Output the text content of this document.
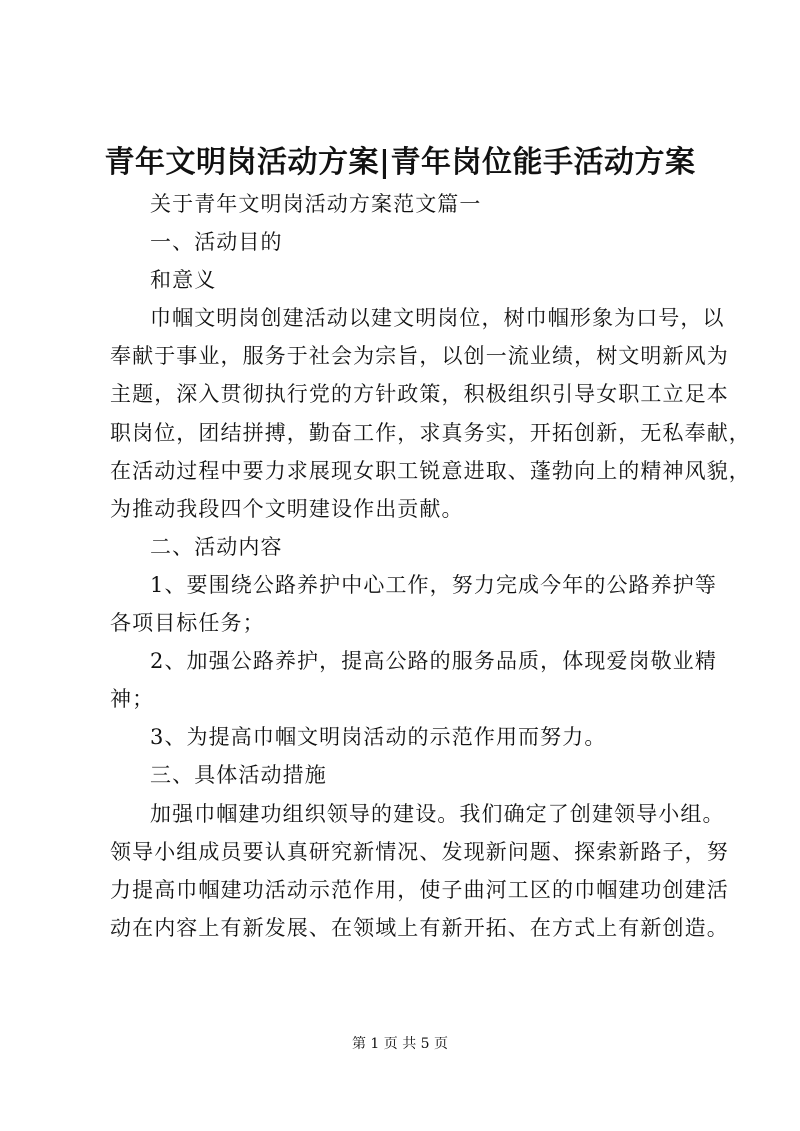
青年文明岗活动方案|青年岗位能手活动方案
关于青年文明岗活动方案范文篇一
一、活动目的
和意义
巾帼文明岗创建活动以建文明岗位，树巾帼形象为口号，以
奉献于事业，服务于社会为宗旨，以创一流业绩，树文明新风为
主题，深入贯彻执行党的方针政策，积极组织引导女职工立足本
职岗位，团结拼搏，勤奋工作，求真务实，开拓创新，无私奉献，
在活动过程中要力求展现女职工锐意进取、蓬勃向上的精神风貌，
为推动我段四个文明建设作出贡献。
二、活动内容
1、要围绕公路养护中心工作，努力完成今年的公路养护等
各项目标任务；
2、加强公路养护，提高公路的服务品质，体现爱岗敬业精
神；
3、为提高巾帼文明岗活动的示范作用而努力。
三、具体活动措施
加强巾帼建功组织领导的建设。我们确定了创建领导小组。
领导小组成员要认真研究新情况、发现新问题、探索新路子，努
力提高巾帼建功活动示范作用，使子曲河工区的巾帼建功创建活
动在内容上有新发展、在领域上有新开拓、在方式上有新创造。
第 1 页 共 5 页
